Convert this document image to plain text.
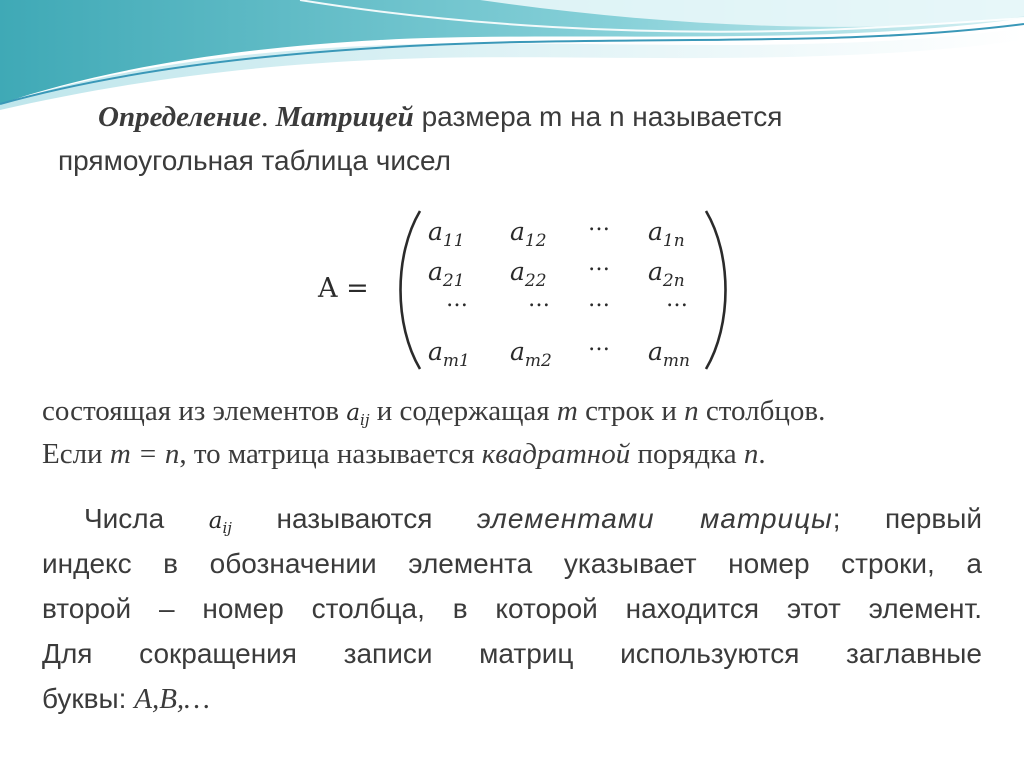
Определение. Матрицей размера m на n называется
прямоугольная таблица чисел
A =
$a_{11}$ $a_{12}$
… $a_{1n}$
$a_{21}$ $a_{22}$
… $a_{2n}$
…	… …	…
$a_{m1}$ $a_{m2}$
… $a_{mn}$
состоящая из элементов $a_{ij}$ и содержащая m строк и n столбцов.
Если m = n, то матрица называется квадратной порядка n.
Числа $a_{ij}$ называются элементами матрицы; первый
индекс в обозначении элемента указывает номер строки, а
второй – номер столбца, в которой находится этот элемент.
Для сокращения записи матриц используются заглавные
буквы: A,B,…
